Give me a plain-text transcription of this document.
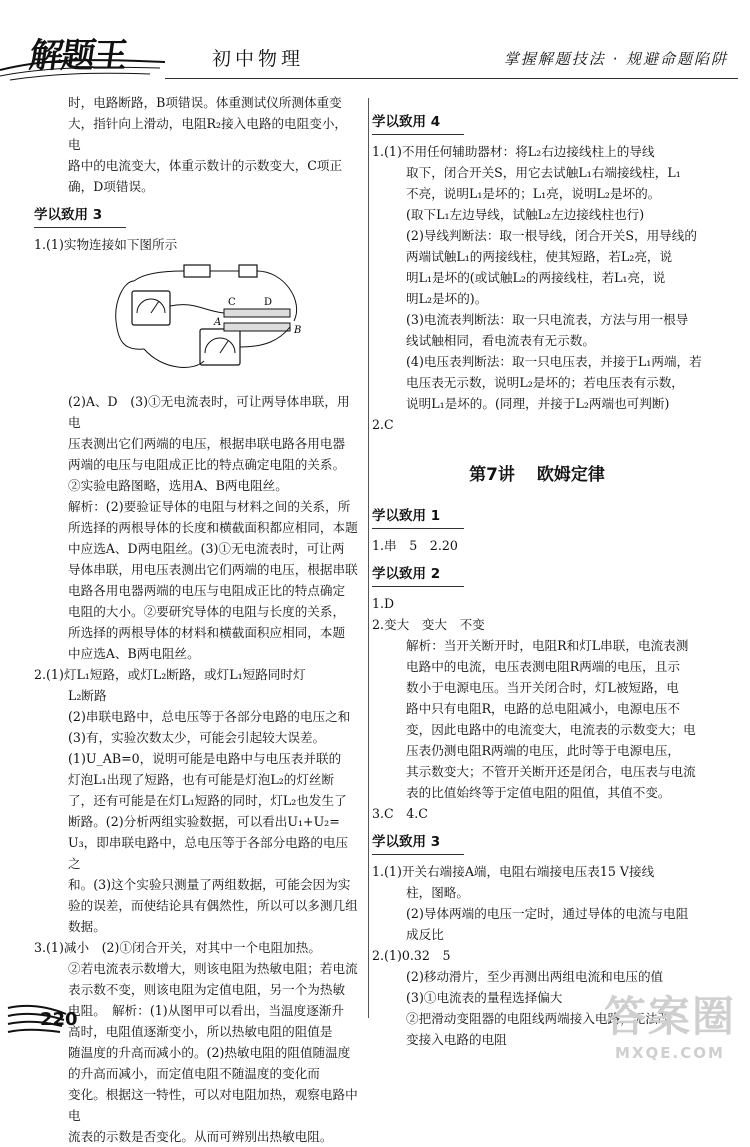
解题王	初中物理	掌握解题技法 · 规避命题陷阱

时，电路断路，B项错误。体重测试仪所测体重变

大，指针向上滑动，电阻R₂接入电路的电阻变小，电

路中的电流变大，体重示数计的示数变大，C项正

确，D项错误。

学以致用 3

1.(1)实物连接如下图所示

C	D
A
B

(2)A、D　(3)①无电流表时，可让两导体串联，用电

压表测出它们两端的电压，根据串联电路各用电器

两端的电压与电阻成正比的特点确定电阻的关系。

②实验电路图略，选用A、B两电阻丝。

解析：(2)要验证导体的电阻与材料之间的关系，所

所选择的两根导体的长度和横截面积都应相同，本题

中应选A、D两电阻丝。(3)①无电流表时，可让两

导体串联，用电压表测出它们两端的电压，根据串联

电路各用电器两端的电压与电阻成正比的特点确定

电阻的大小。②要研究导体的电阻与长度的关系，

所选择的两根导体的材料和横截面积应相同，本题

中应选A、B两电阻丝。

2.(1)灯L₁短路，或灯L₂断路，或灯L₁短路同时灯

L₂断路

(2)串联电路中，总电压等于各部分电路的电压之和

(3)有，实验次数太少，可能会引起较大误差。

(1)U_AB=0，说明可能是电路中与电压表并联的

灯泡L₁出现了短路，也有可能是灯泡L₂的灯丝断

了，还有可能是在灯L₁短路的同时，灯L₂也发生了

断路。(2)分析两组实验数据，可以看出U₁+U₂=

U₃，即串联电路中，总电压等于各部分电路的电压之

和。(3)这个实验只测量了两组数据，可能会因为实

验的误差，而使结论具有偶然性，所以可以多测几组

数据。

3.(1)减小　(2)①闭合开关，对其中一个电阻加热。

②若电流表示数增大，则该电阻为热敏电阻；若电流

表示数不变，则该电阻为定值电阻，另一个为热敏

电阻。　解析：(1)从图甲可以看出，当温度逐渐升

高时，电阻值逐渐变小，所以热敏电阻的阻值是

随温度的升高而减小的。(2)热敏电阻的阻值随温度

的升高而减小，而定值电阻不随温度的变化而

变化。根据这一特性，可以对电阻加热，观察电路中电

流表的示数是否变化。从而可辨别出热敏电阻。

学以致用 4

1.(1)不用任何辅助器材：将L₂右边接线柱上的导线

取下，闭合开关S，用它去试触L₁右端接线柱，L₁

不亮，说明L₁是坏的；L₁亮，说明L₂是坏的。

(取下L₁左边导线，试触L₂左边接线柱也行)

(2)导线判断法：取一根导线，闭合开关S，用导线的

两端试触L₁的两接线柱，使其短路，若L₂亮，说

明L₁是坏的(或试触L₂的两接线柱，若L₁亮，说

明L₂是坏的)。

(3)电流表判断法：取一只电流表，方法与用一根导

线试触相同，看电流表有无示数。

(4)电压表判断法：取一只电压表，并接于L₁两端，若

电压表无示数，说明L₂是坏的；若电压表有示数，

说明L₁是坏的。(同理，并接于L₂两端也可判断)

2.C

第7讲 欧姆定律
学以致用 1

1.串　5　2.20

学以致用 2

1.D

2.变大　变大　不变

解析：当开关断开时，电阻R和灯L串联，电流表测

电路中的电流，电压表测电阻R两端的电压，且示

数小于电源电压。当开关闭合时，灯L被短路，电

路中只有电阻R，电路的总电阻减小，电源电压不

变，因此电路中的电流变大，电流表的示数变大；电

压表仍测电阻R两端的电压，此时等于电源电压，

其示数变大；不管开关断开还是闭合，电压表与电流

表的比值始终等于定值电阻的阻值，其值不变。

3.C　4.C

学以致用 3

1.(1)开关右端接A端，电阻右端接电压表15 V接线

柱，图略。

(2)导体两端的电压一定时，通过导体的电流与电阻

成反比

2.(1)0.32　5

(2)移动滑片，至少再测出两组电流和电压的值

(3)①电流表的量程选择偏大

②把滑动变阻器的电阻线两端接入电路，无法改

变接入电路的电阻

220	答案圈
MXQE.COM
